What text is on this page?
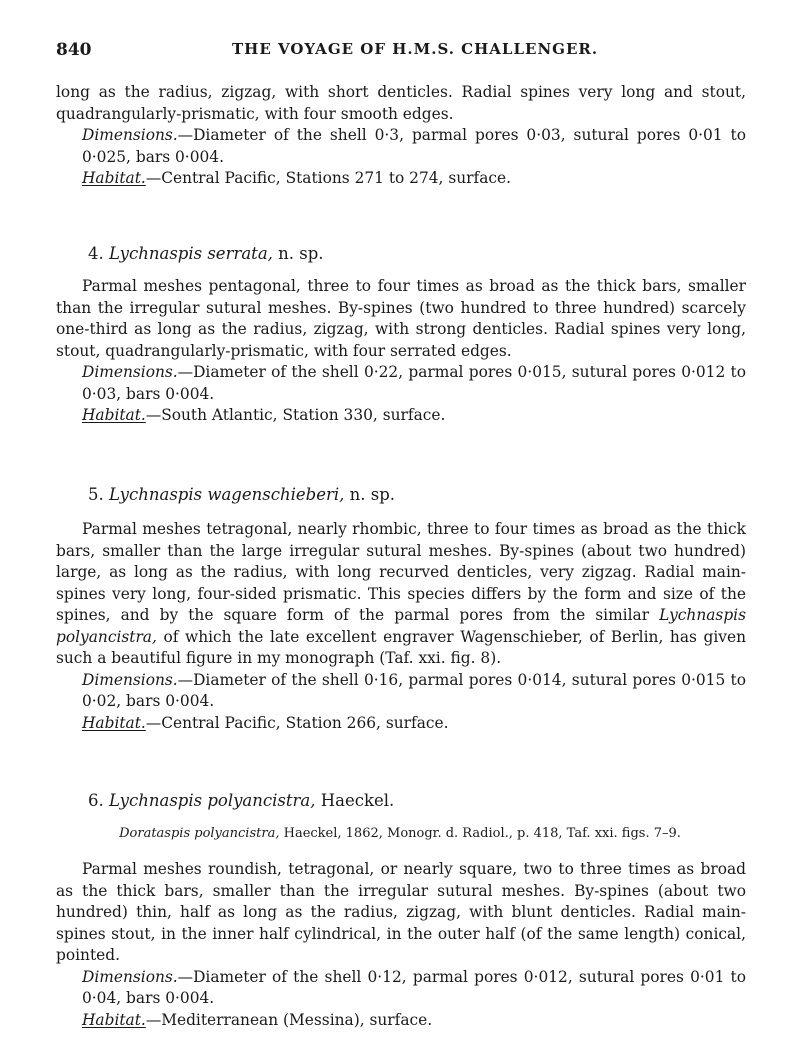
840	THE VOYAGE OF H.M.S. CHALLENGER.

long as the radius, zigzag, with short denticles. Radial spines very long and stout, quadrangularly-prismatic, with four smooth edges.

Dimensions.—Diameter of the shell 0·3, parmal pores 0·03, sutural pores 0·01 to 0·025, bars 0·004.

Habitat.—Central Pacific, Stations 271 to 274, surface.

4. Lychnaspis serrata, n. sp.

Parmal meshes pentagonal, three to four times as broad as the thick bars, smaller than the irregular sutural meshes. By-spines (two hundred to three hundred) scarcely one-third as long as the radius, zigzag, with strong denticles. Radial spines very long, stout, quadrangularly-prismatic, with four serrated edges.

Dimensions.—Diameter of the shell 0·22, parmal pores 0·015, sutural pores 0·012 to 0·03, bars 0·004.

Habitat.—South Atlantic, Station 330, surface.

5. Lychnaspis wagenschieberi, n. sp.

Parmal meshes tetragonal, nearly rhombic, three to four times as broad as the thick bars, smaller than the large irregular sutural meshes. By-spines (about two hundred) large, as long as the radius, with long recurved denticles, very zigzag. Radial main-spines very long, four-sided prismatic. This species differs by the form and size of the spines, and by the square form of the parmal pores from the similar Lychnaspis polyancistra, of which the late excellent engraver Wagenschieber, of Berlin, has given such a beautiful figure in my monograph (Taf. xxi. fig. 8).

Dimensions.—Diameter of the shell 0·16, parmal pores 0·014, sutural pores 0·015 to 0·02, bars 0·004.

Habitat.—Central Pacific, Station 266, surface.

6. Lychnaspis polyancistra, Haeckel.
Dorataspis polyancistra, Haeckel, 1862, Monogr. d. Radiol., p. 418, Taf. xxi. figs. 7–9.

Parmal meshes roundish, tetragonal, or nearly square, two to three times as broad as the thick bars, smaller than the irregular sutural meshes. By-spines (about two hundred) thin, half as long as the radius, zigzag, with blunt denticles. Radial main-spines stout, in the inner half cylindrical, in the outer half (of the same length) conical, pointed.

Dimensions.—Diameter of the shell 0·12, parmal pores 0·012, sutural pores 0·01 to 0·04, bars 0·004.

Habitat.—Mediterranean (Messina), surface.
